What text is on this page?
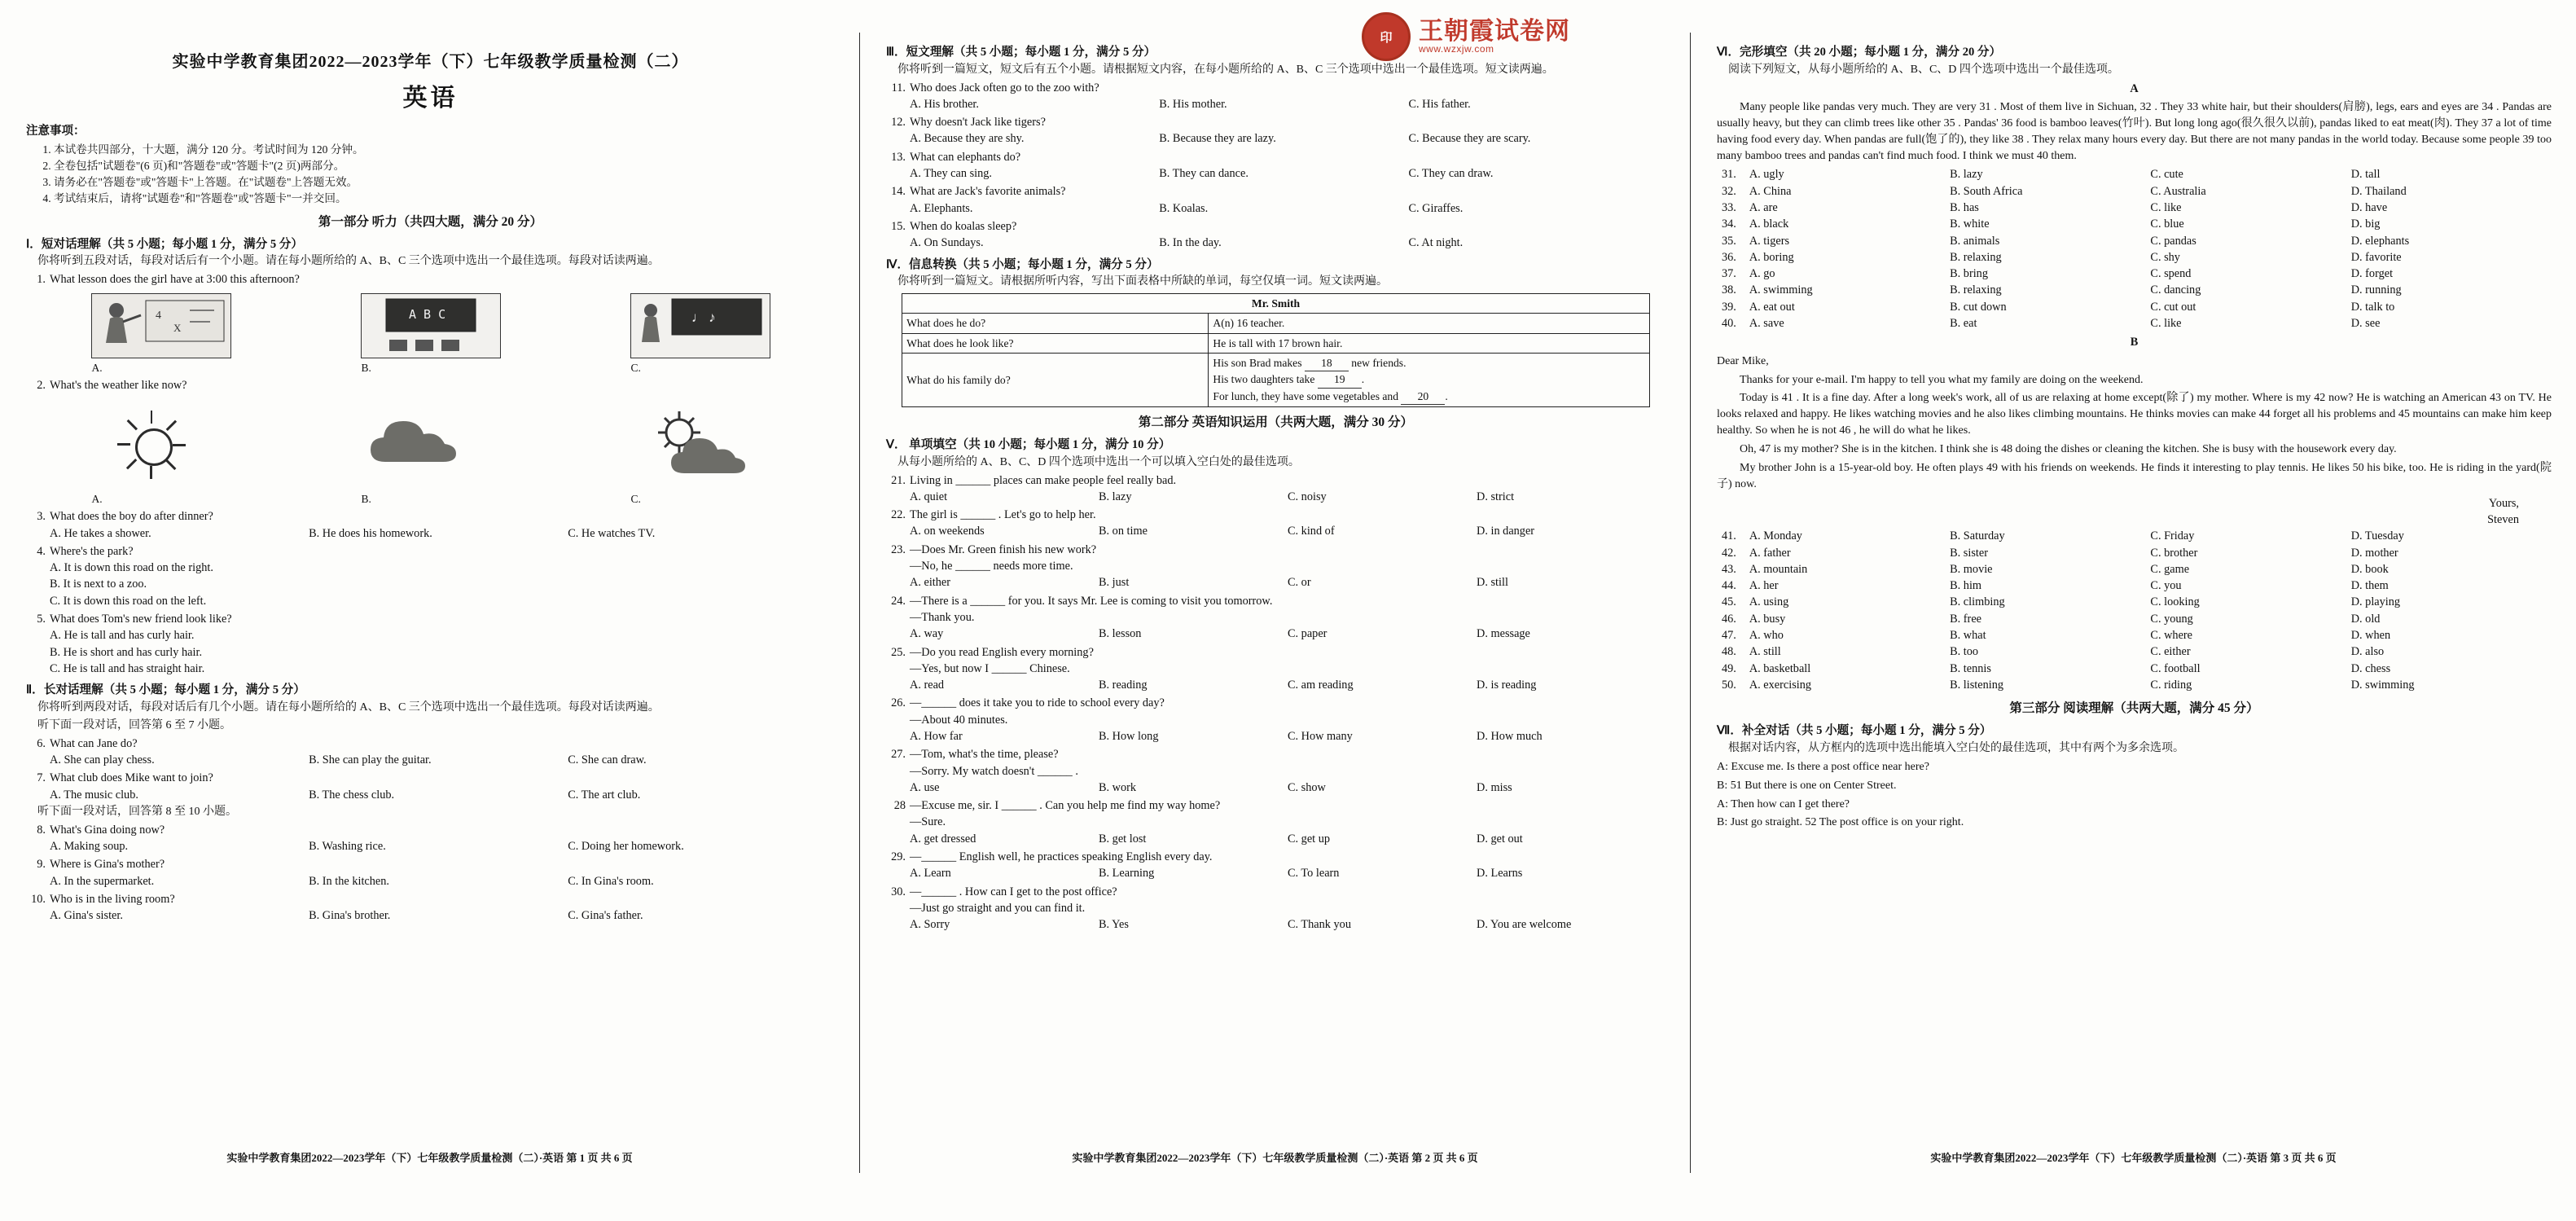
印	王朝霞试卷网
www.wzxjw.com
实验中学教育集团2022—2023学年（下）七年级教学质量检测（二）
英语
注意事项：
1. 本试卷共四部分，十大题，满分 120 分。考试时间为 120 分钟。
2. 全卷包括"试题卷"(6 页)和"答题卷"或"答题卡"(2 页)两部分。
3. 请务必在"答题卷"或"答题卡"上答题。在"试题卷"上答题无效。
4. 考试结束后，请将"试题卷"和"答题卷"或"答题卡"一并交回。
第一部分 听力（共四大题，满分 20 分）
Ⅰ．短对话理解（共 5 小题；每小题 1 分，满分 5 分）
你将听到五段对话，每段对话后有一个小题。请在每小题所给的 A、B、C 三个选项中选出一个最佳选项。每段对话读两遍。
1. What lesson does the girl have at 3:00 this afternoon?
4
X
A B C	♩ ♪
A.	B.	C.
2. What's the weather like now?
A.	B.	C.
3. What does the boy do after dinner?
A. He takes a shower.	B. He does his homework.	C. He watches TV.
4. Where's the park?
A. It is down this road on the right.
B. It is next to a zoo.
C. It is down this road on the left.
5. What does Tom's new friend look like?
A. He is tall and has curly hair.
B. He is short and has curly hair.
C. He is tall and has straight hair.
Ⅱ．长对话理解（共 5 小题；每小题 1 分，满分 5 分）
你将听到两段对话，每段对话后有几个小题。请在每小题所给的 A、B、C 三个选项中选出一个最佳选项。每段对话读两遍。
听下面一段对话，回答第 6 至 7 小题。
6. What can Jane do?
A. She can play chess.	B. She can play the guitar.	C. She can draw.
7. What club does Mike want to join?
A. The music club.	B. The chess club.	C. The art club.
听下面一段对话，回答第 8 至 10 小题。
8. What's Gina doing now?
A. Making soup.	B. Washing rice.	C. Doing her homework.
9. Where is Gina's mother?
A. In the supermarket.	B. In the kitchen.	C. In Gina's room.
10. Who is in the living room?
A. Gina's sister.	B. Gina's brother.	C. Gina's father.
实验中学教育集团2022—2023学年（下）七年级教学质量检测（二）·英语 第 1 页 共 6 页
Ⅲ．短文理解（共 5 小题；每小题 1 分，满分 5 分）
你将听到一篇短文，短文后有五个小题。请根据短文内容，在每小题所给的 A、B、C 三个选项中选出一个最佳选项。短文读两遍。
11. Who does Jack often go to the zoo with?
A. His brother.	B. His mother.	C. His father.
12. Why doesn't Jack like tigers?
A. Because they are shy.	B. Because they are lazy.	C. Because they are scary.
13. What can elephants do?
A. They can sing.	B. They can dance.	C. They can draw.
14. What are Jack's favorite animals?
A. Elephants.	B. Koalas.	C. Giraffes.
15. When do koalas sleep?
A. On Sundays.	B. In the day.	C. At night.
Ⅳ．信息转换（共 5 小题；每小题 1 分，满分 5 分）
你将听到一篇短文。请根据所听内容，写出下面表格中所缺的单词，每空仅填一词。短文读两遍。
Mr. Smith	
What does he do?	A(n) 16 teacher.
What does he look like?	He is tall with 17 brown hair.
What do his family do?	His son Brad makes 18 new friends.
His two daughters take 19 .
For lunch, they have some vegetables and 20 .
第二部分 英语知识运用（共两大题，满分 30 分）
Ⅴ． 单项填空（共 10 小题；每小题 1 分，满分 10 分）
从每小题所给的 A、B、C、D 四个选项中选出一个可以填入空白处的最佳选项。
21. Living in ______ places can make people feel really bad.
A. quiet	B. lazy	C. noisy	D. strict
22. The girl is ______ . Let's go to help her.
A. on weekends	B. on time	C. kind of	D. in danger
23. —Does Mr. Green finish his new work?
—No, he ______ needs more time.
A. either	B. just	C. or	D. still
24. —There is a ______ for you. It says Mr. Lee is coming to visit you tomorrow.
—Thank you.
A. way	B. lesson	C. paper	D. message
25. —Do you read English every morning?
—Yes, but now I ______ Chinese.
A. read	B. reading	C. am reading	D. is reading
26. —______ does it take you to ride to school every day?
—About 40 minutes.
A. How far	B. How long	C. How many	D. How much
27. —Tom, what's the time, please?
—Sorry. My watch doesn't ______ .
A. use	B. work	C. show	D. miss
28 —Excuse me, sir. I ______ . Can you help me find my way home?
—Sure.
A. get dressed	B. get lost	C. get up	D. get out
29. —______ English well, he practices speaking English every day.
A. Learn	B. Learning	C. To learn	D. Learns
30. —______ . How can I get to the post office?
—Just go straight and you can find it.
A. Sorry	B. Yes	C. Thank you	D. You are welcome
实验中学教育集团2022—2023学年（下）七年级教学质量检测（二）·英语 第 2 页 共 6 页
Ⅵ．完形填空（共 20 小题；每小题 1 分，满分 20 分）
阅读下列短文，从每小题所给的 A、B、C、D 四个选项中选出一个最佳选项。
A
Many people like pandas very much. They are very 31 . Most of them live in Sichuan, 32 . They 33 white hair, but their shoulders(肩膀), legs, ears and eyes are 34 . Pandas are usually heavy, but they can climb trees like other 35 . Pandas' 36 food is bamboo leaves(竹叶). But long long ago(很久很久以前), pandas liked to eat meat(肉). They 37 a lot of time having food every day. When pandas are full(饱了的), they like 38 . They relax many hours every day. But there are not many pandas in the world today. Because some people 39 too many bamboo trees and pandas can't find much food. I think we must 40 them.
31.	A. ugly	B. lazy	C. cute	D. tall
32.	A. China	B. South Africa	C. Australia	D. Thailand
33.	A. are	B. has	C. like	D. have
34.	A. black	B. white	C. blue	D. big
35.	A. tigers	B. animals	C. pandas	D. elephants
36.	A. boring	B. relaxing	C. shy	D. favorite
37.	A. go	B. bring	C. spend	D. forget
38.	A. swimming	B. relaxing	C. dancing	D. running
39.	A. eat out	B. cut down	C. cut out	D. talk to
40.	A. save	B. eat	C. like	D. see
B
Dear Mike,
Thanks for your e-mail. I'm happy to tell you what my family are doing on the weekend.
Today is 41 . It is a fine day. After a long week's work, all of us are relaxing at home except(除了) my mother. Where is my 42 now? He is watching an American 43 on TV. He looks relaxed and happy. He likes watching movies and he also likes climbing mountains. He thinks movies can make 44 forget all his problems and 45 mountains can make him keep healthy. So when he is not 46 , he will do what he likes.
Oh, 47 is my mother? She is in the kitchen. I think she is 48 doing the dishes or cleaning the kitchen. She is busy with the housework every day.
My brother John is a 15-year-old boy. He often plays 49 with his friends on weekends. He finds it interesting to play tennis. He likes 50 his bike, too. He is riding in the yard(院子) now.
Yours,
Steven
41.	A. Monday	B. Saturday	C. Friday	D. Tuesday
42.	A. father	B. sister	C. brother	D. mother
43.	A. mountain	B. movie	C. game	D. book
44.	A. her	B. him	C. you	D. them
45.	A. using	B. climbing	C. looking	D. playing
46.	A. busy	B. free	C. young	D. old
47.	A. who	B. what	C. where	D. when
48.	A. still	B. too	C. either	D. also
49.	A. basketball	B. tennis	C. football	D. chess
50.	A. exercising	B. listening	C. riding	D. swimming
第三部分 阅读理解（共两大题，满分 45 分）
Ⅶ．补全对话（共 5 小题；每小题 1 分，满分 5 分）
根据对话内容，从方框内的选项中选出能填入空白处的最佳选项，其中有两个为多余选项。
A: Excuse me. Is there a post office near here?
B: 51 But there is one on Center Street.
A: Then how can I get there?
B: Just go straight. 52 The post office is on your right.
实验中学教育集团2022—2023学年（下）七年级教学质量检测（二）·英语 第 3 页 共 6 页
